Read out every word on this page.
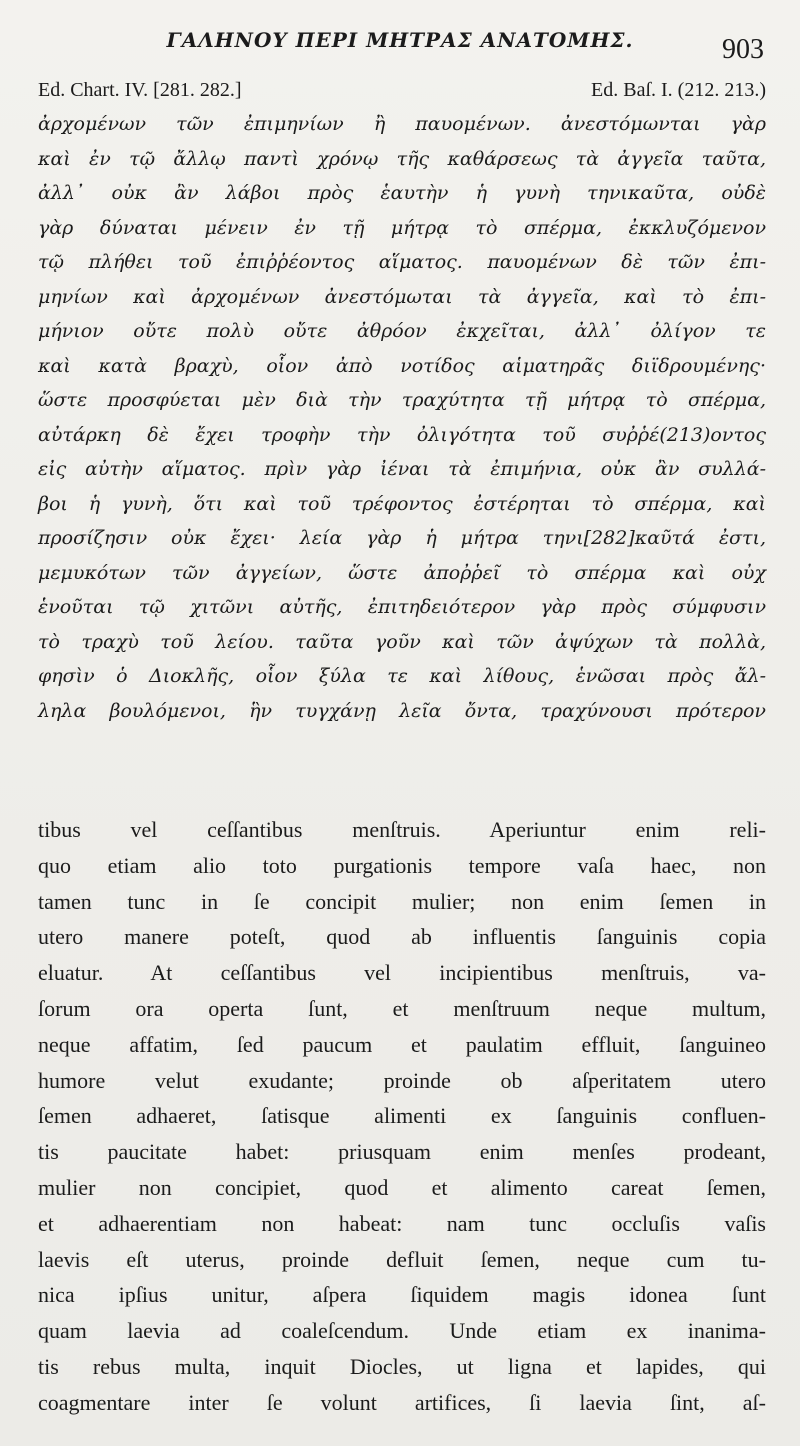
ΓΑΛΗΝΟΥ ΠΕΡΙ ΜΗΤΡΑΣ ΑΝΑΤΟΜΗΣ.	903
Ed. Chart. IV. [281. 282.]	Ed. Baſ. I. (212. 213.)
ἀρχομένων τῶν ἐπιμηνίων ἢ παυομένων. ἀνεστόμωνται γὰρ
καὶ ἐν τῷ ἄλλῳ παντὶ χρόνῳ τῆς καθάρσεως τὰ ἀγγεῖα ταῦτα,
ἀλλ᾿ οὐκ ἂν λάβοι πρὸς ἑαυτὴν ἡ γυνὴ τηνικαῦτα, οὐδὲ
γὰρ δύναται μένειν ἐν τῇ μήτρᾳ τὸ σπέρμα, ἐκκλυζόμενον
τῷ πλήθει τοῦ ἐπιῤῥέοντος αἵματος. παυομένων δὲ τῶν ἐπι-
μηνίων καὶ ἀρχομένων ἀνεστόμωται τὰ ἀγγεῖα, καὶ τὸ ἐπι-
μήνιον οὔτε πολὺ οὔτε ἀθρόον ἐκχεῖται, ἀλλ᾿ ὀλίγον τε
καὶ κατὰ βραχὺ, οἷον ἀπὸ νοτίδος αἱματηρᾶς διϊδρουμένης·
ὥστε προσφύεται μὲν διὰ τὴν τραχύτητα τῇ μήτρᾳ τὸ σπέρμα,
αὐτάρκη δὲ ἔχει τροφὴν τὴν ὀλιγότητα τοῦ συῤῥέ(213)οντος
εἰς αὐτὴν αἵματος. πρὶν γὰρ ἰέναι τὰ ἐπιμήνια, οὐκ ἂν συλλά-
βοι ἡ γυνὴ, ὅτι καὶ τοῦ τρέφοντος ἐστέρηται τὸ σπέρμα, καὶ
προσίζησιν οὐκ ἔχει· λεία γὰρ ἡ μήτρα τηνι[282]καῦτά ἐστι,
μεμυκότων τῶν ἀγγείων, ὥστε ἀποῤῥεῖ τὸ σπέρμα καὶ οὐχ
ἑνοῦται τῷ χιτῶνι αὐτῆς, ἐπιτηδειότερον γὰρ πρὸς σύμφυσιν
τὸ τραχὺ τοῦ λείου. ταῦτα γοῦν καὶ τῶν ἀψύχων τὰ πολλὰ,
φησὶν ὁ Διοκλῆς, οἷον ξύλα τε καὶ λίθους, ἑνῶσαι πρὸς ἄλ-
ληλα βουλόμενοι, ἣν τυγχάνῃ λεῖα ὄντα, τραχύνουσι πρότερον
tibus vel ceſſantibus menſtruis. Aperiuntur enim reli-
quo etiam alio toto purgationis tempore vaſa haec, non
tamen tunc in ſe concipit mulier; non enim ſemen in
utero manere poteſt, quod ab influentis ſanguinis copia
eluatur. At ceſſantibus vel incipientibus menſtruis, va-
ſorum ora operta ſunt, et menſtruum neque multum,
neque affatim, ſed paucum et paulatim effluit, ſanguineo
humore velut exudante; proinde ob aſperitatem utero
ſemen adhaeret, ſatisque alimenti ex ſanguinis confluen-
tis paucitate habet: priusquam enim menſes prodeant,
mulier non concipiet, quod et alimento careat ſemen,
et adhaerentiam non habeat: nam tunc occluſis vaſis
laevis eſt uterus, proinde defluit ſemen, neque cum tu-
nica ipſius unitur, aſpera ſiquidem magis idonea ſunt
quam laevia ad coaleſcendum. Unde etiam ex inanima-
tis rebus multa, inquit Diocles, ut ligna et lapides, qui
coagmentare inter ſe volunt artifices, ſi laevia ſint, aſ-
